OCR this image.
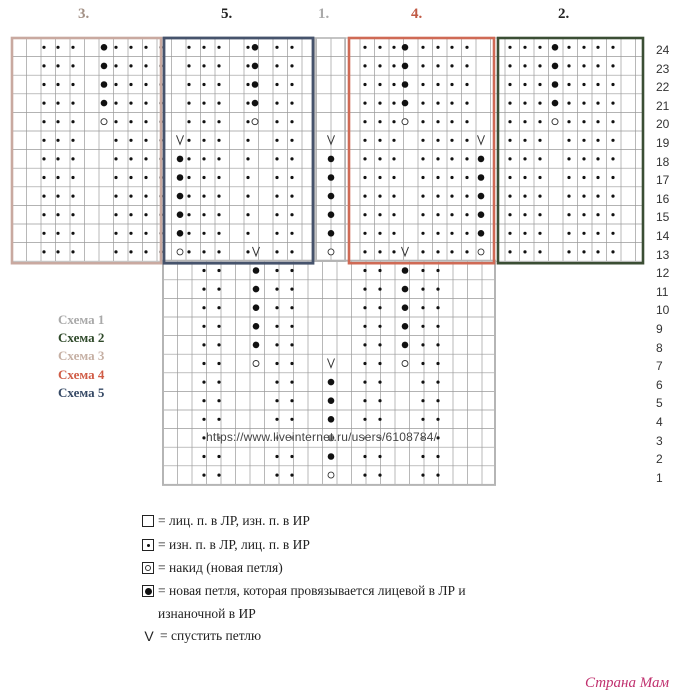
3.	5.	1.	4.	2.
24
23
22
21
20
19
18
17
16
15
14
13
12
11
10
9
8
7
6
5
4
3
2
1
Схема 1
Схема 2
Схема 3
Схема 4
Схема 5
https://www.liveinternet.ru/users/6108784/
= лиц. п. в ЛР, изн. п. в ИР
= изн. п. в ЛР, лиц. п. в ИР
= накид (новая петля)
= новая петля, которая провязывается лицевой в ЛР и
изнаночной в ИР
V = спустить петлю
Страна Мам
